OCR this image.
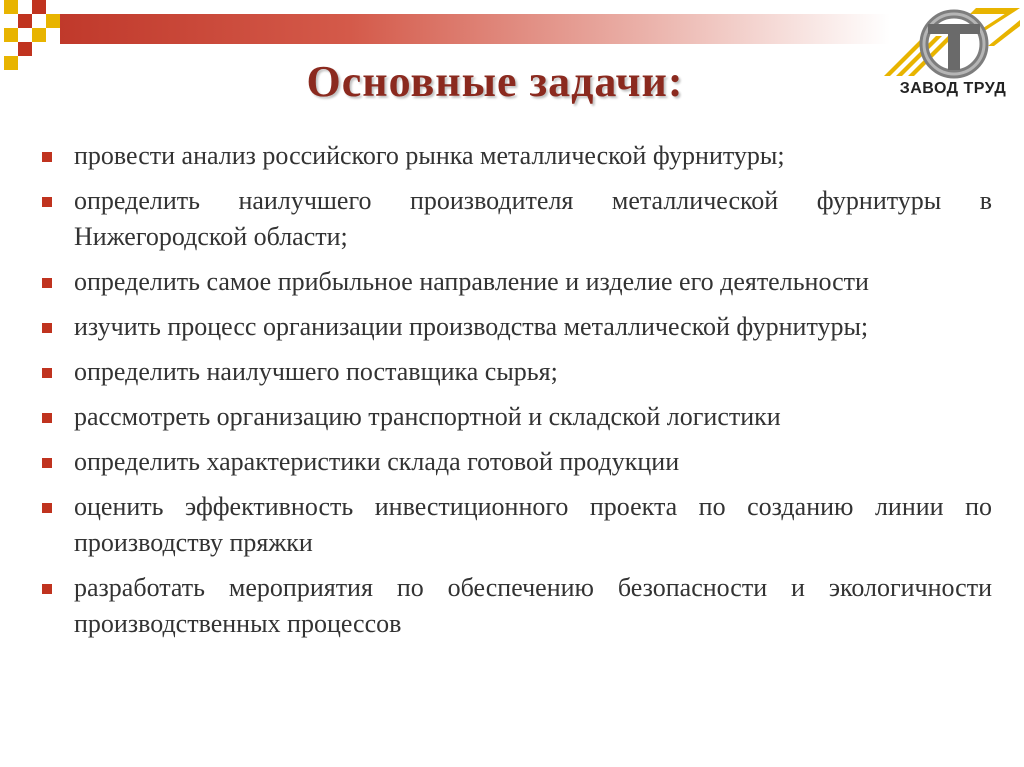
Основные задачи:	ЗАВОД ТРУД
провести анализ российского рынка металлической фурнитуры;
определить наилучшего производителя металлической фурнитуры в Нижегородской области;
определить самое прибыльное направление и изделие его деятельности
изучить процесс организации производства металлической фурнитуры;
определить наилучшего поставщика сырья;
рассмотреть организацию транспортной и складской логистики
определить характеристики склада готовой продукции
оценить эффективность инвестиционного проекта по созданию линии по производству пряжки
разработать мероприятия по обеспечению безопасности и экологичности производственных процессов
